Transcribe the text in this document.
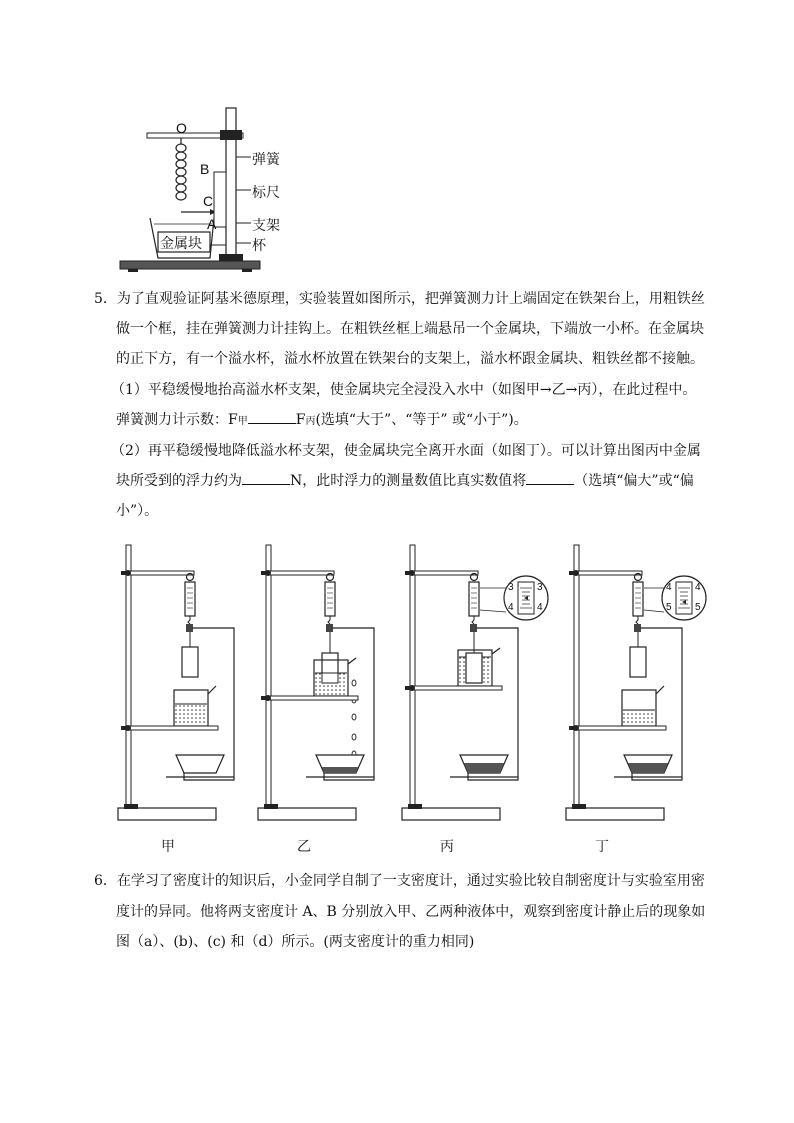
O
B
C
A
弹簧
标尺
支架
杯
金属块
5．为了直观验证阿基米德原理，实验装置如图所示，把弹簧测力计上端固定在铁架台上，用粗铁丝
做一个框，挂在弹簧测力计挂钩上。在粗铁丝框上端悬吊一个金属块，下端放一小杯。在金属块
的正下方，有一个溢水杯，溢水杯放置在铁架台的支架上，溢水杯跟金属块、粗铁丝都不接触。
（1）平稳缓慢地抬高溢水杯支架，使金属块完全浸没入水中（如图甲→乙→丙），在此过程中。
弹簧测力计示数：F甲	F丙(选填“大于”、“等于” 或“小于”)。
（2）再平稳缓慢地降低溢水杯支架，使金属块完全离开水面（如图丁）。可以计算出图丙中金属
块所受到的浮力约为	N，此时浮力的测量数值比真实数值将	（选填“偏大”或“偏
小”）。
3 3
4 4
4 4
5 5
甲	乙	丙	丁
6．在学习了密度计的知识后，小金同学自制了一支密度计，通过实验比较自制密度计与实验室用密
度计的异同。他将两支密度计 A、B 分别放入甲、乙两种液体中，观察到密度计静止后的现象如
图（a）、(b)、(c) 和（d）所示。(两支密度计的重力相同)
